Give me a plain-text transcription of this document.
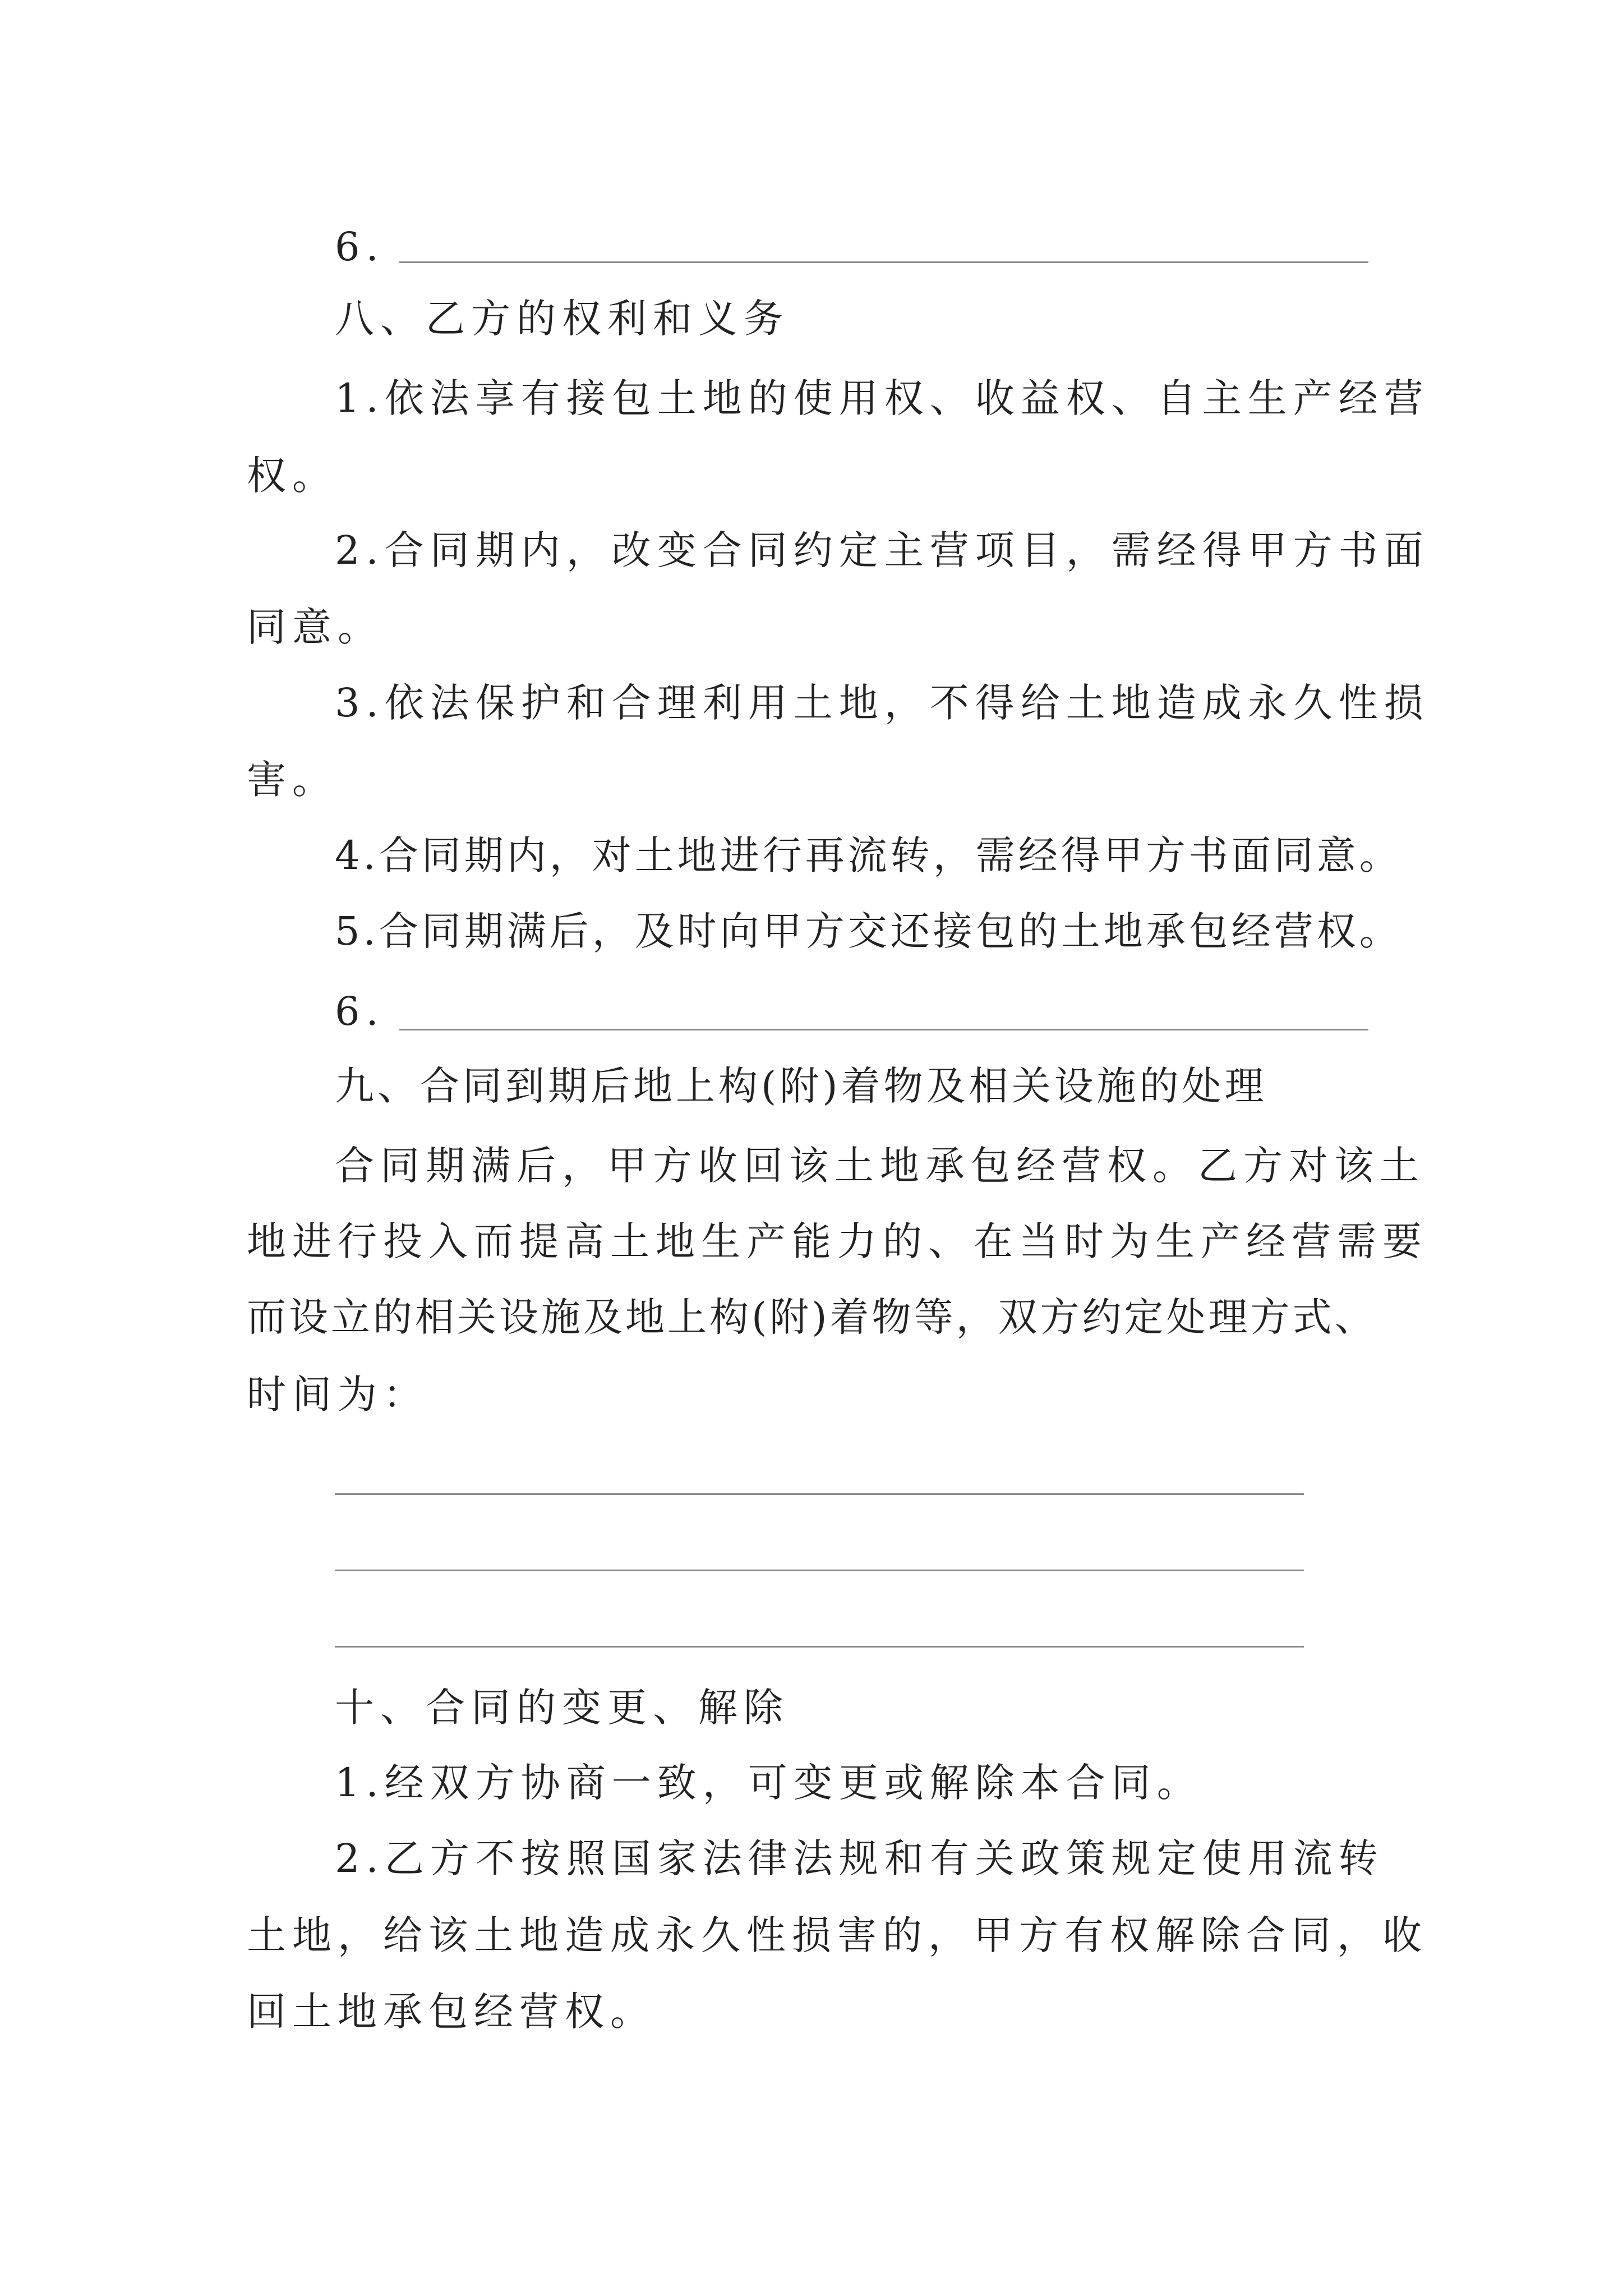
6.
八、乙方的权利和义务
1.依法享有接包土地的使用权、收益权、自主生产经营
权。
2.合同期内，改变合同约定主营项目，需经得甲方书面
同意。
3.依法保护和合理利用土地，不得给土地造成永久性损
害。
4.合同期内，对土地进行再流转，需经得甲方书面同意。
5.合同期满后，及时向甲方交还接包的土地承包经营权。
6.
九、合同到期后地上构(附)着物及相关设施的处理
合同期满后，甲方收回该土地承包经营权。乙方对该土
地进行投入而提高土地生产能力的、在当时为生产经营需要
而设立的相关设施及地上构(附)着物等，双方约定处理方式、
时间为：
十、合同的变更、解除
1.经双方协商一致，可变更或解除本合同。
2.乙方不按照国家法律法规和有关政策规定使用流转
土地，给该土地造成永久性损害的，甲方有权解除合同，收
回土地承包经营权。
